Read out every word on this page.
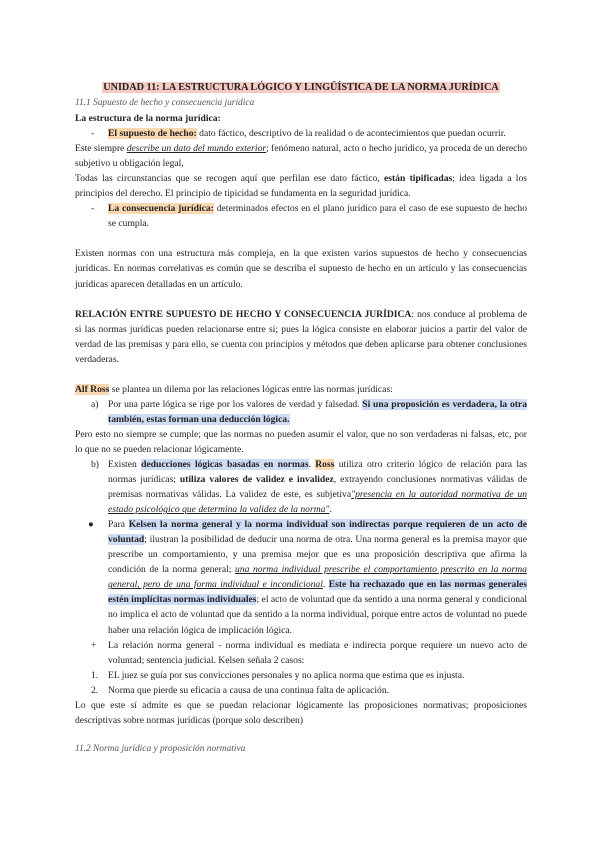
UNIDAD 11: LA ESTRUCTURA LÓGICO Y LINGÜÍSTICA DE LA NORMA JURÍDICA
11.1 Supuesto de hecho y consecuencia jurídica
La estructura de la norma jurídica:
- El supuesto de hecho: dato fáctico, descriptivo de la realidad o de acontecimientos que puedan ocurrir.
Este siempre describe un dato del mundo exterior; fenómeno natural, acto o hecho jurídico, ya proceda de un derecho subjetivo u obligación legal,
Todas las circunstancias que se recogen aquí que perfilan ese dato fáctico, están tipificadas; idea ligada a los principios del derecho. El principio de tipicidad se fundamenta en la seguridad jurídica.
- La consecuencia jurídica: determinados efectos en el plano jurídico para el caso de ese supuesto de hecho se cumpla.
Existen normas con una estructura más compleja, en la que existen varios supuestos de hecho y consecuencias jurídicas. En normas correlativas es común que se describa el supuesto de hecho en un artículo y las consecuencias jurídicas aparecen detalladas en un artículo.
RELACIÓN ENTRE SUPUESTO DE HECHO Y CONSECUENCIA JURÍDICA: nos conduce al problema de si las normas jurídicas pueden relacionarse entre sí; pues la lógica consiste en elaborar juicios a partir del valor de verdad de las premisas y para ello, se cuenta con principios y métodos que deben aplicarse para obtener conclusiones verdaderas.
Alf Ross se plantea un dilema por las relaciones lógicas entre las normas jurídicas:
a) Por una parte lógica se rige por los valores de verdad y falsedad. Si una proposición es verdadera, la otra también, estas forman una deducción lógica.
Pero esto no siempre se cumple; que las normas no pueden asumir el valor, que no son verdaderas ni falsas, etc, por lo que no se pueden relacionar lógicamente.
b) Existen deducciones lógicas basadas en normas. Ross utiliza otro criterio lógico de relación para las normas jurídicas; utiliza valores de validez e invalidez, extrayendo conclusiones normativas válidas de premisas normativas válidas. La validez de este, es subjetiva"presencia en la autoridad normativa de un estado psicológico que determina la validez de la norma".
● Para Kelsen la norma general y la norma individual son indirectas porque requieren de un acto de voluntad; ilustran la posibilidad de deducir una norma de otra. Una norma general es la premisa mayor que prescribe un comportamiento, y una premisa mejor que es una proposición descriptiva que afirma la condición de la norma general; una norma individual prescribe el comportamiento prescrito en la norma general, pero de una forma individual e incondicional. Este ha rechazado que en las normas generales estén implícitas normas individuales; el acto de voluntad que da sentido a una norma general y condicional no implica el acto de voluntad que da sentido a la norma individual, porque entre actos de voluntad no puede haber una relación lógica de implicación lógica.
+ La relación norma general - norma individual es mediata e indirecta porque requiere un nuevo acto de voluntad; sentencia judicial. Kelsen señala 2 casos:
1. EL juez se guía por sus convicciones personales y no aplica norma que estima que es injusta.
2. Norma que pierde su eficacia a causa de una continua falta de aplicación.
Lo que este sí admite es que se puedan relacionar lógicamente las proposiciones normativas; proposiciones descriptivas sobre normas jurídicas (porque solo describen)
11.2 Norma jurídica y proposición normativa
